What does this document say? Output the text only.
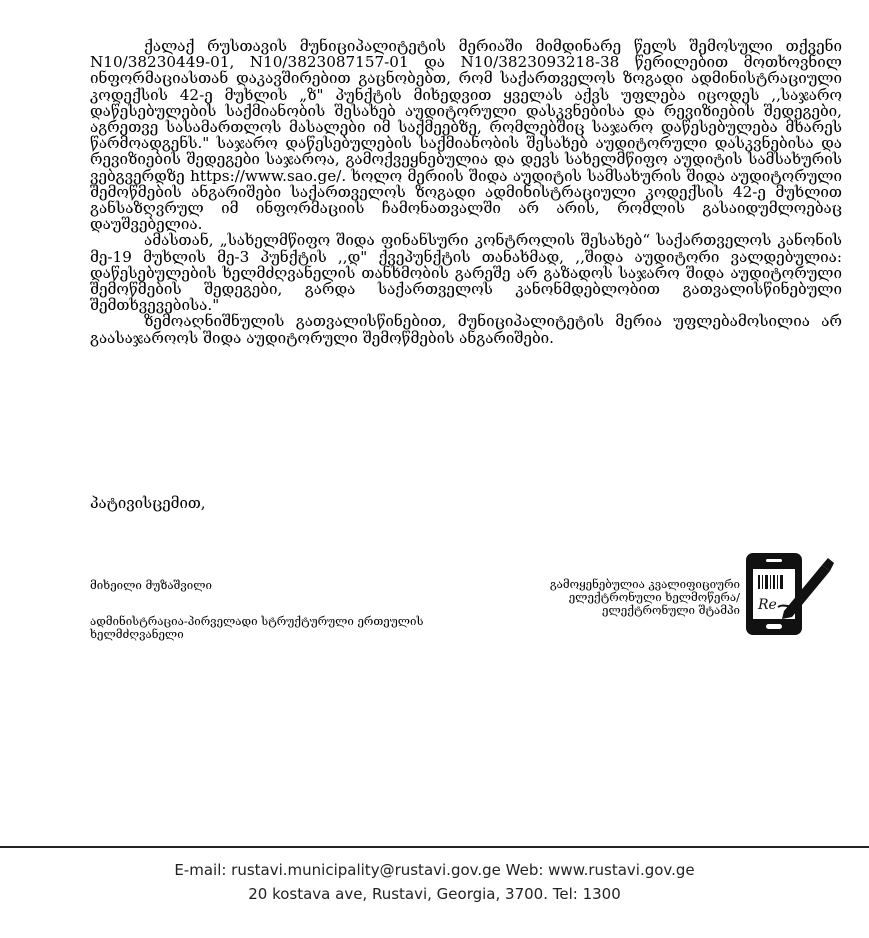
ქალაქ რუსთავის მუნიციპალიტეტის მერიაში მიმდინარე წელს შემოსული თქვენი N10/38230449-01, N10/3823087157-01 და N10/3823093218-38 წერილებით მოთხოვნილ ინფორმაციასთან დაკავშირებით გაცნობებთ, რომ საქართველოს ზოგადი ადმინისტრაციული კოდექსის 42-ე მუხლის „ზ" პუნქტის მიხედვით ყველას აქვს უფლება იცოდეს ,,საჯარო დაწესებულების საქმიანობის შესახებ აუდიტორული დასკვნებისა და რევიზიების შედეგები, აგრეთვე სასამართლოს მასალები იმ საქმეებზე, რომლებშიც საჯარო დაწესებულება მხარეს წარმოადგენს." საჯარო დაწესებულების საქმიანობის შესახებ აუდიტორული დასკვნებისა და რევიზიების შედეგები საჯაროა, გამოქვეყნებულია და დევს სახელმწიფო აუდიტის სამსახურის ვებგვერდზე https://www.sao.ge/. ხოლო მერიის შიდა აუდიტის სამსახურის შიდა აუდიტორული შემოწმების ანგარიშები საქართველოს ზოგადი ადმინისტრაციული კოდექსის 42-ე მუხლით განსაზღვრულ იმ ინფორმაციის ჩამონათვალში არ არის, რომლის გასაიდუმლოებაც დაუშვებელია.

ამასთან, „სახელმწიფო შიდა ფინანსური კონტროლის შესახებ“ საქართველოს კანონის მე-19 მუხლის მე-3 პუნქტის ,,დ" ქვეპუნქტის თანახმად, ,,შიდა აუდიტორი ვალდებულია: დაწესებულების ხელმძღვანელის თანხმობის გარეშე არ გაზადოს საჯარო შიდა აუდიტორული შემოწმების შედეგები, გარდა საქართველოს კანონმდებლობით გათვალისწინებული შემთხვევებისა."

ზემოაღნიშნულის გათვალისწინებით, მუნიციპალიტეტის მერია უფლებამოსილია არ გაასაჯაროოს შიდა აუდიტორული შემოწმების ანგარიშები.

პატივისცემით,
მიხეილი მუზაშვილი
ადმინისტრაცია-პირველადი სტრუქტურული ერთეულის ხელმძღვანელი
გამოყენებულია კვალიფიციური ელექტრონული ხელმოწერა/ ელექტრონული შტამპი Re
E-mail: rustavi.municipality@rustavi.gov.ge Web: www.rustavi.gov.ge
20 kostava ave, Rustavi, Georgia, 3700. Tel: 1300
